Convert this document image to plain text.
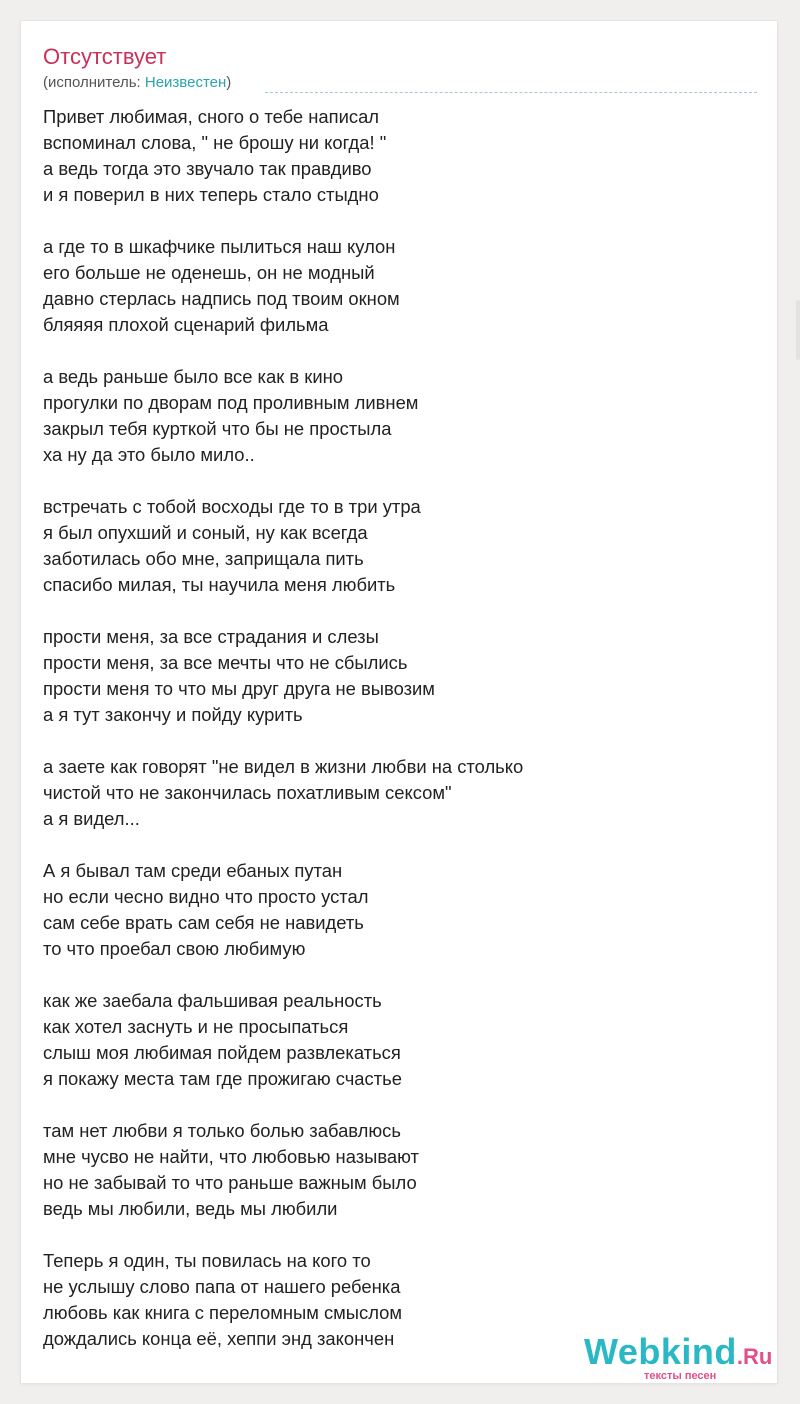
Отсутствует
(исполнитель: Неизвестен)
Привет любимая, сного о тебе написал
вспоминал слова, " не брошу ни когда! "
а ведь тогда это звучало так правдиво
и я поверил в них теперь стало стыдно
а где то в шкафчике пылиться наш кулон
его больше не оденешь, он не модный
давно стерлась надпись под твоим окном
бляяяя плохой сценарий фильма
а ведь раньше было все как в кино
прогулки по дворам под проливным ливнем
закрыл тебя курткой что бы не простыла
ха ну да это было мило..
встречать с тобой восходы где то в три утра
я был опухший и соный, ну как всегда
заботилась обо мне, заприщала пить
спасибо милая, ты научила меня любить
прости меня, за все страдания и слезы
прости меня, за все мечты что не сбылись
прости меня то что мы друг друга не вывозим
а я тут закончу и пойду курить
а заете как говорят "не видел в жизни любви на столько
чистой что не закончилась похатливым сексом"
а я видел...
А я бывал там среди ебаных путан
но если чесно видно что просто устал
сам себе врать сам себя не навидеть
то что проебал свою любимую
как же заебала фальшивая реальность
как хотел заснуть и не просыпаться
слыш моя любимая пойдем развлекаться
я покажу места там где прожигаю счастье
там нет любви я только болью забавлюсь
мне чусво не найти, что любовью называют
но не забывай то что раньше важным было
ведь мы любили, ведь мы любили
Теперь я один, ты повилась на кого то
не услышу слово папа от нашего ребенка
любовь как книга с переломным смыслом
дождались конца её, хеппи энд закончен	Webkind.Ru
тексты песен
